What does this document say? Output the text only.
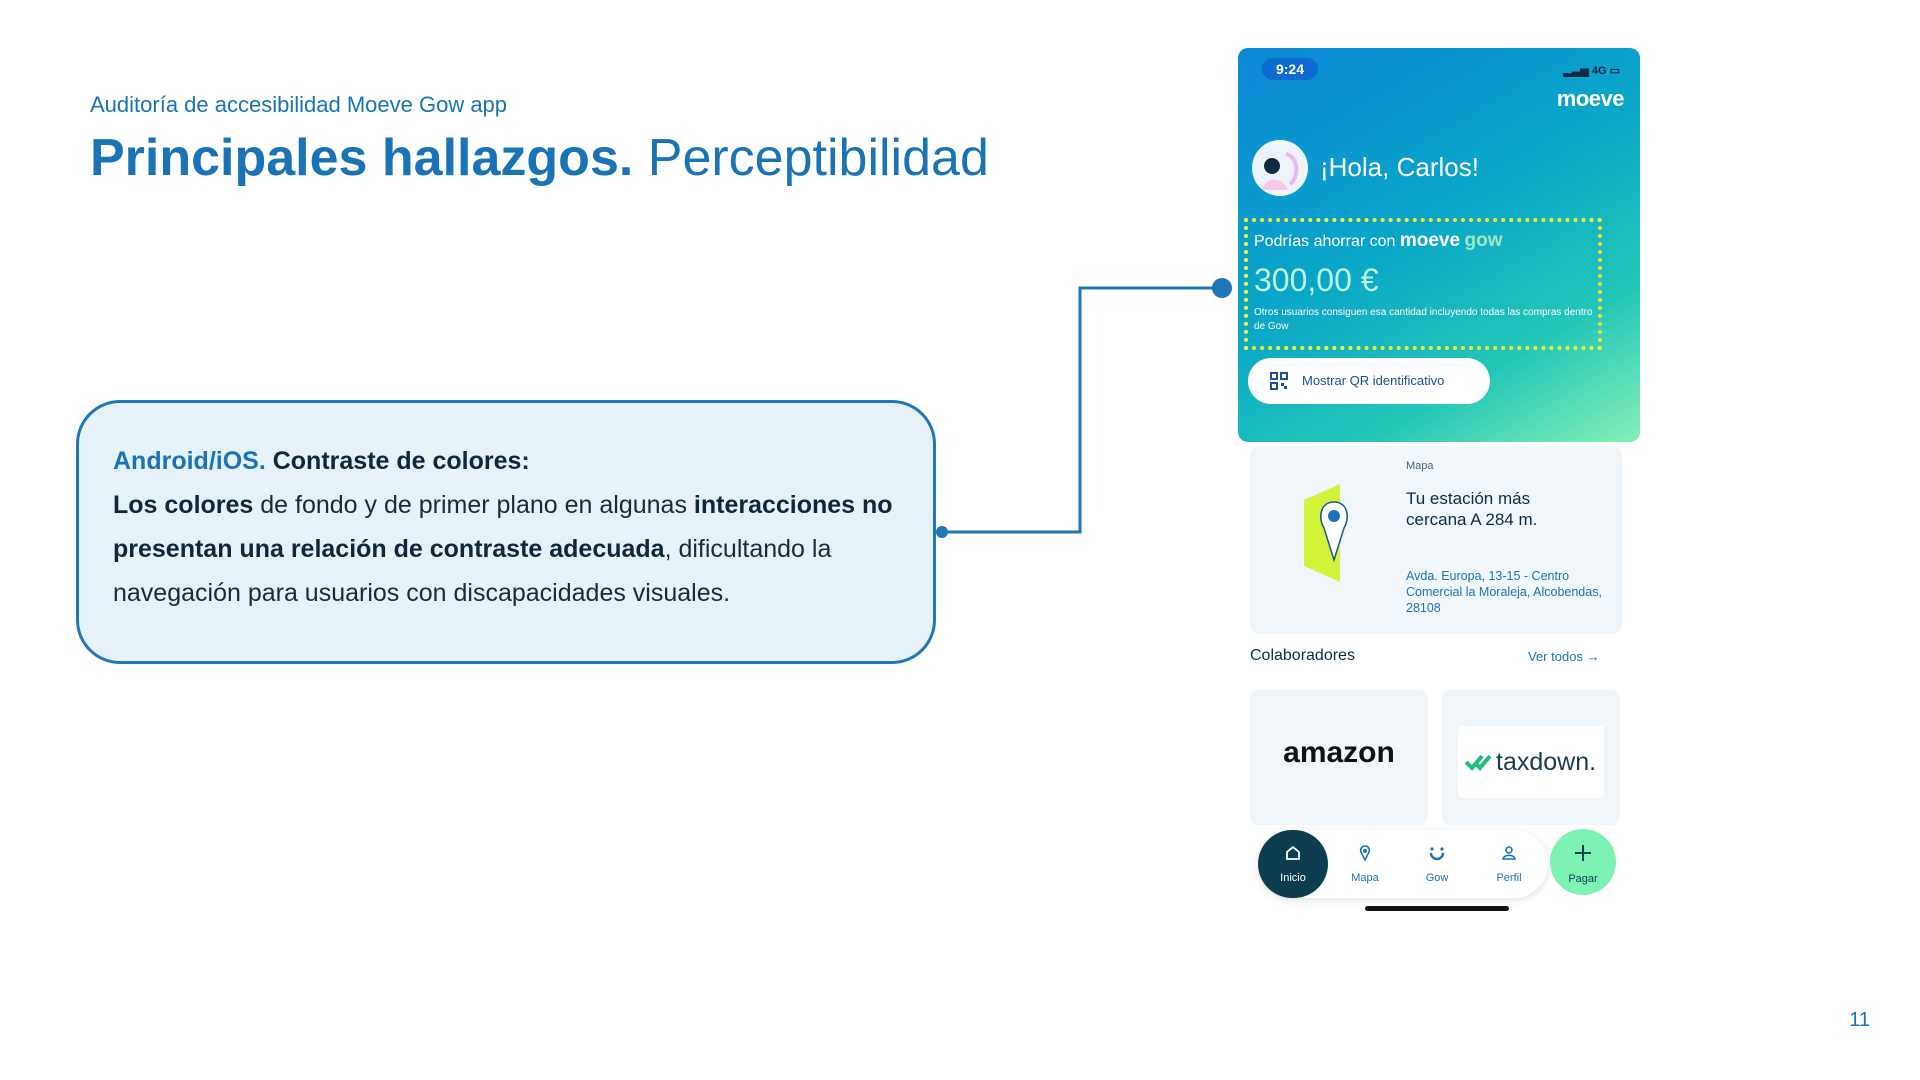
Auditoría de accesibilidad Moeve Gow app
Principales hallazgos. Perceptibilidad

Android/iOS. Contraste de colores:

Los colores de fondo y de primer plano en algunas interacciones no presentan una relación de contraste adecuada, dificultando la navegación para usuarios con discapacidades visuales.

11
9:24	▂▃▅ 4G ▭
moeve
¡Hola, Carlos!
Podrías ahorrar con moeve gow
300,00 €
Otros usuarios consiguen esa cantidad incluyendo todas las compras dentro de Gow
Mostrar QR identificativo
Mapa
Tu estación más cercana A 284 m.
Avda. Europa, 13-15 - Centro Comercial la Moraleja, Alcobendas, 28108
Colaboradores	Ver todos →
amazon	taxdown.
Inicio	Mapa	Gow	Perfil	Pagar
